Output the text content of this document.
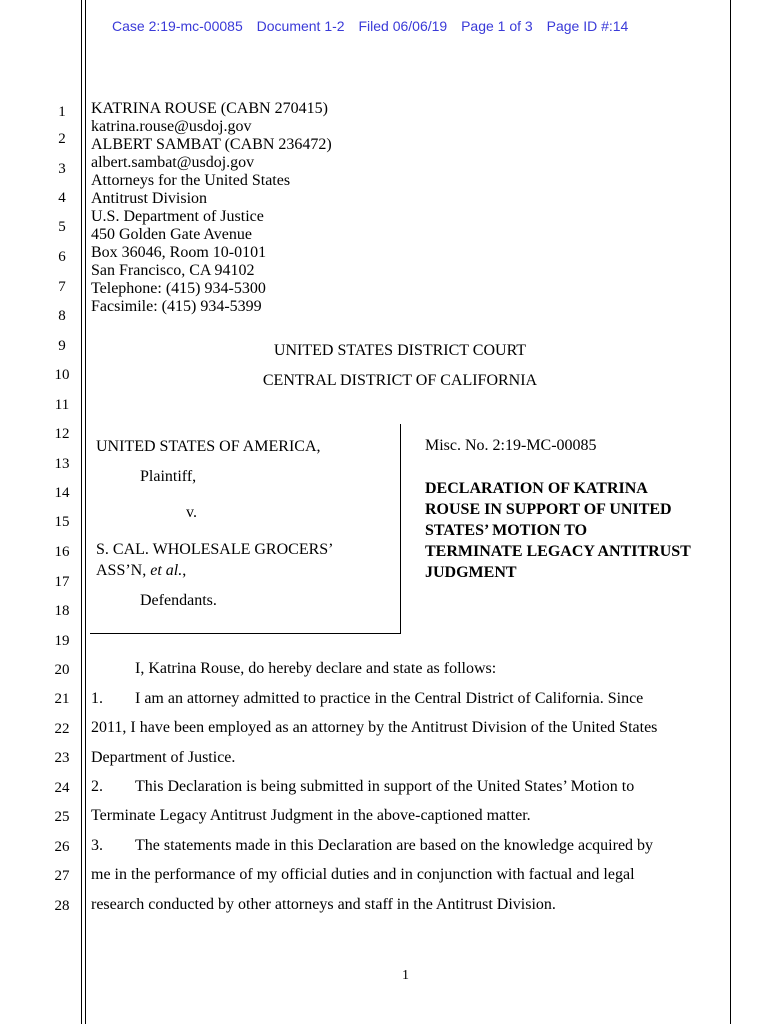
Case 2:19-mc-00085 Document 1-2 Filed 06/06/19 Page 1 of 3 Page ID #:14
1
2
3
4
5
6
7
8
9
10
11
12
13
14
15
16
17
18
19
20
21
22
23
24
25
26
27
28
KATRINA ROUSE (CABN 270415)
katrina.rouse@usdoj.gov
ALBERT SAMBAT (CABN 236472)
albert.sambat@usdoj.gov
Attorneys for the United States
Antitrust Division
U.S. Department of Justice
450 Golden Gate Avenue
Box 36046, Room 10-0101
San Francisco, CA 94102
Telephone: (415) 934-5300
Facsimile: (415) 934-5399
UNITED STATES DISTRICT COURT
CENTRAL DISTRICT OF CALIFORNIA
UNITED STATES OF AMERICA,
Plaintiff,
v.
S. CAL. WHOLESALE GROCERS’
ASS’N, et al.,
Defendants.
Misc. No. 2:19-MC-00085
DECLARATION OF KATRINA
ROUSE IN SUPPORT OF UNITED
STATES’ MOTION TO
TERMINATE LEGACY ANTITRUST
JUDGMENT
I, Katrina Rouse, do hereby declare and state as follows:
1. I am an attorney admitted to practice in the Central District of California. Since
2011, I have been employed as an attorney by the Antitrust Division of the United States
Department of Justice.
2. This Declaration is being submitted in support of the United States’ Motion to
Terminate Legacy Antitrust Judgment in the above-captioned matter.
3. The statements made in this Declaration are based on the knowledge acquired by
me in the performance of my official duties and in conjunction with factual and legal
research conducted by other attorneys and staff in the Antitrust Division.
1
